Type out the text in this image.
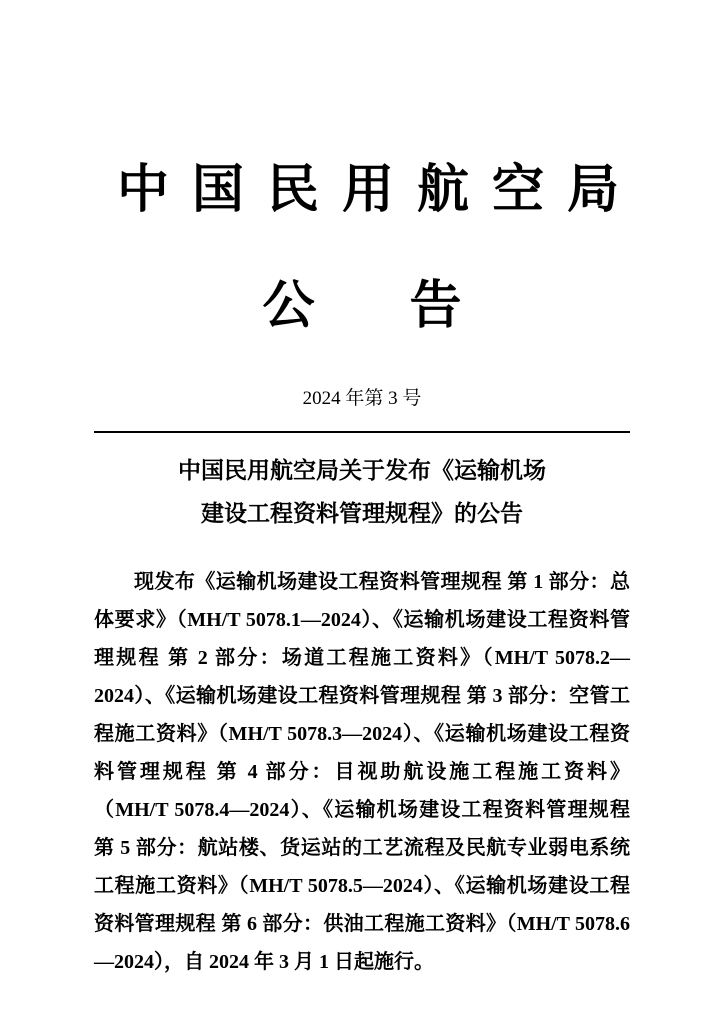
中国民用航空局
公告
2024 年第 3 号
中国民用航空局关于发布《运输机场
建设工程资料管理规程》的公告

现发布《运输机场建设工程资料管理规程 第 1 部分：总体要求》（MH/T 5078.1—2024）、《运输机场建设工程资料管理规程 第 2 部分：场道工程施工资料》（MH/T 5078.2—2024）、《运输机场建设工程资料管理规程 第 3 部分：空管工程施工资料》（MH/T 5078.3—2024）、《运输机场建设工程资料管理规程 第 4 部分：目视助航设施工程施工资料》 （MH/T 5078.4—2024）、《运输机场建设工程资料管理规程 第 5 部分：航站楼、货运站的工艺流程及民航专业弱电系统工程施工资料》（MH/T 5078.5—2024）、《运输机场建设工程资料管理规程 第 6 部分：供油工程施工资料》（MH/T 5078.6—2024），自 2024 年 3 月 1 日起施行。
